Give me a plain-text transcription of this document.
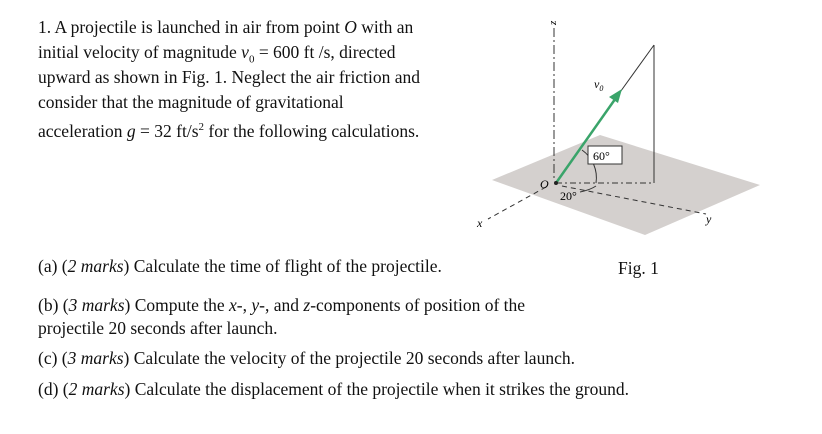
1. A projectile is launched in air from point O with an
initial velocity of magnitude $v_0 = 600$ ft /s, directed
upward as shown in Fig. 1. Neglect the air friction and
consider that the magnitude of gravitational
acceleration g = 32 $ft/s^2$ for the following calculations.
(a) (2 marks) Calculate the time of flight of the projectile.
(b) (3 marks) Compute the x-, y-, and z-components of position of the
projectile 20 seconds after launch.
(c) (3 marks) Calculate the velocity of the projectile 20 seconds after launch.
(d) (2 marks) Calculate the displacement of the projectile when it strikes the ground.
Fig. 1
z
x	y
$v_0$
60°
20°
O
